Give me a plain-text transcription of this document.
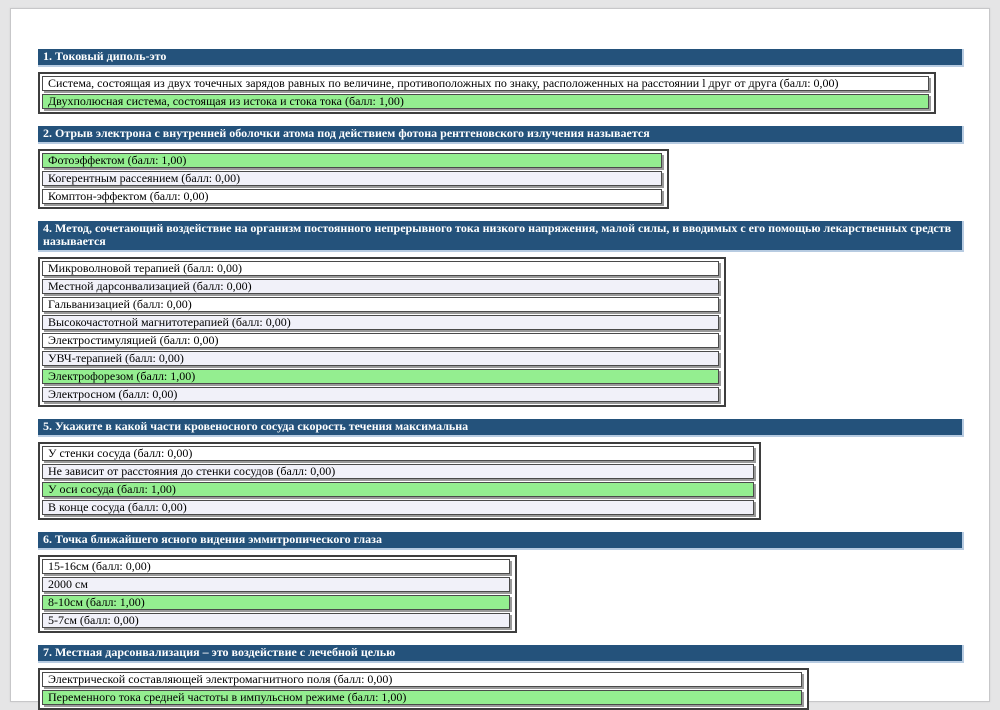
1. Токовый диполь-это
Система, состоящая из двух точечных зарядов равных по величине, противоположных по знаку, расположенных на расстоянии l друг от друга (балл: 0,00)
Двухполюсная система, состоящая из истока и стока тока (балл: 1,00)
2. Отрыв электрона с внутренней оболочки атома под действием фотона рентгеновского излучения называется
Фотоэффектом (балл: 1,00)
Когерентным рассеянием (балл: 0,00)
Комптон-эффектом (балл: 0,00)
4. Метод, сочетающий воздействие на организм постоянного непрерывного тока низкого напряжения, малой силы, и вводимых с его помощью лекарственных средств называется
Микроволновой терапией (балл: 0,00)
Местной дарсонвализацией (балл: 0,00)
Гальванизацией (балл: 0,00)
Высокочастотной магнитотерапией (балл: 0,00)
Электростимуляцией (балл: 0,00)
УВЧ-терапией (балл: 0,00)
Электрофорезом (балл: 1,00)
Электросном (балл: 0,00)
5. Укажите в какой части кровеносного сосуда скорость течения максимальна
У стенки сосуда (балл: 0,00)
Не зависит от расстояния до стенки сосудов (балл: 0,00)
У оси сосуда (балл: 1,00)
В конце сосуда (балл: 0,00)
6. Точка ближайшего ясного видения эммитропического глаза
15-16см (балл: 0,00)
2000 см
8-10см (балл: 1,00)
5-7см (балл: 0,00)
7. Местная дарсонвализация – это воздействие с лечебной целью
Электрической составляющей электромагнитного поля (балл: 0,00)
Переменного тока средней частоты в импульсном режиме (балл: 1,00)
